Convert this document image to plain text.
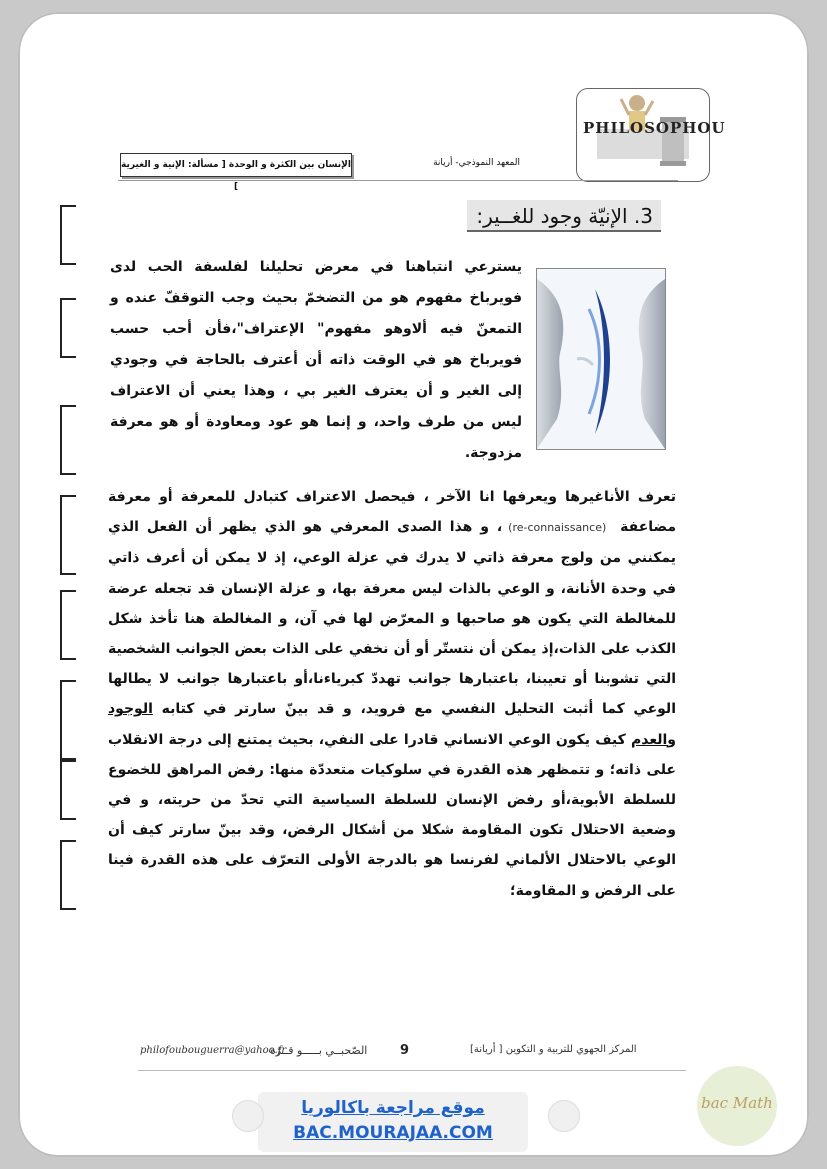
PHILOSOPHOU
الإنسان بين الكثرة و الوحدة [ مسألة: الإنية و الغيرية ]
المعهد النموذجي- أريانة
3. الإنيّة وجود للغــير:
يسترعي انتباهنا في معرض تحليلنا لفلسفة الحب لدى فويرباخ مفهوم هو من التضخمّ بحيث وجب التوقفّ عنده و التمعنّ فيه ألاوهو مفهوم" الإعتراف"،فأن أحب حسب فويرباخ هو في الوقت ذاته أن أعترف بالحاجة في وجودي إلى الغير و أن يعترف الغير بي ، وهذا يعني أن الاعتراف ليس من طرف واحد، و إنما هو عود ومعاودة أو هو معرفة مزدوجة.
تعرف الأناغيرها ويعرفها انا الآخر ، فيحصل الاعتراف كتبادل للمعرفة أو معرفة مضاعفة (re-connaissance)، و هذا الصدى المعرفي هو الذي يظهر أن الفعل الذي يمكنني من ولوج معرفة ذاتي لا يدرك في عزلة الوعي، إذ لا يمكن أن أعرف ذاتي في وحدة الأنانة، و الوعي بالذات ليس معرفة بها، و عزلة الإنسان قد تجعله عرضة للمغالطة التي يكون هو صاحبها و المعرّض لها في آن، و المغالطة هنا تأخذ شكل الكذب على الذات،إذ يمكن أن نتستّر أو أن نخفي على الذات بعض الجوانب الشخصية التي تشوبنا أو تعيبنا، باعتبارها جوانب تهددّ كبرياءنا،أو باعتبارها جوانب لا يطالها الوعي كما أثبت التحليل النفسي مع فرويد، و قد بينّ سارتر في كتابه الوجود والعدم كيف يكون الوعي الانساني قادرا على النفي، بحيث يمتنع إلى درجة الانقلاب على ذاته؛ و تتمظهر هذه القدرة في سلوكيات متعددّة منها: رفض المراهق للخضوع للسلطة الأبوية،أو رفض الإنسان للسلطة السياسية التي تحدّ من حريته، و في وضعية الاحتلال تكون المقاومة شكلا من أشكال الرفض، وقد بينّ سارتر كيف أن الوعي بالاحتلال الألماني لفرنسا هو بالدرجة الأولى التعرّف على هذه القدرة فينا على الرفض و المقاومة؛
philofoubouguerra@yahoo.fr
الصّحبــي بـــــو قــرّة	9	المركز الجهوي للتربية و التكوين [ أريانة]
bac Math
موقع مراجعة باكالوريا
BAC.MOURAJAA.COM
